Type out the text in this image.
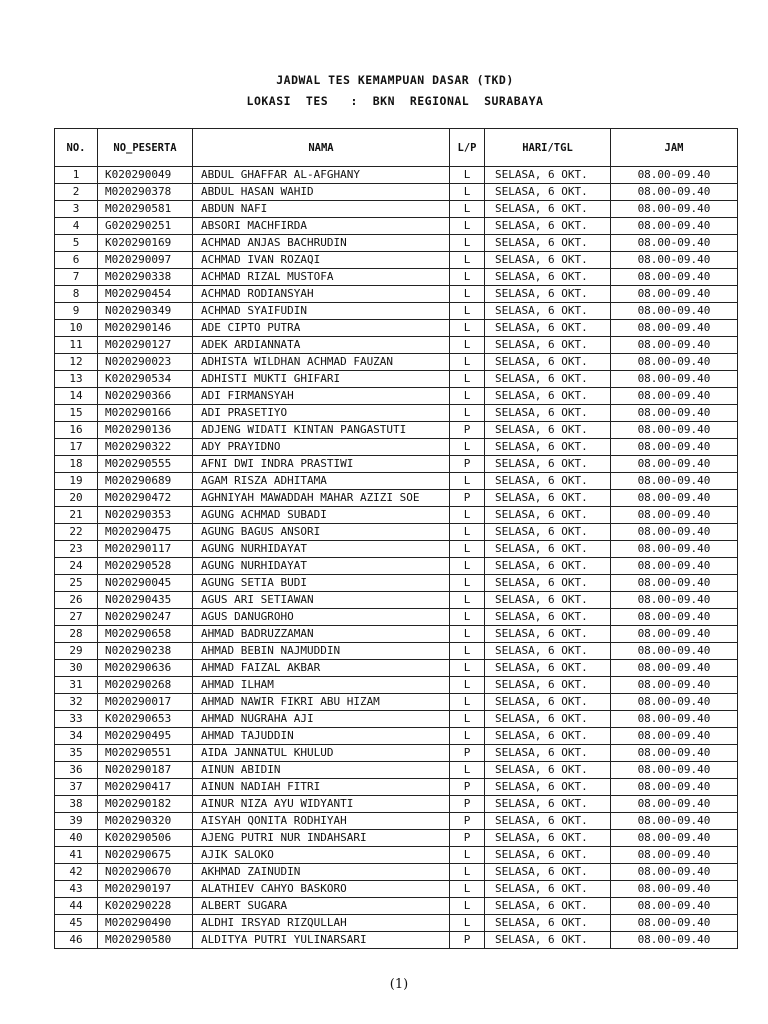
JADWAL TES KEMAMPUAN DASAR (TKD)
LOKASI  TES   :  BKN  REGIONAL  SURABAYA
NO.	NO_PESERTA	NAMA	L/P	HARI/TGL	JAM
1	K020290049	ABDUL GHAFFAR AL-AFGHANY	L	SELASA, 6 OKT.	08.00-09.40
2	M020290378	ABDUL HASAN WAHID	L	SELASA, 6 OKT.	08.00-09.40
3	M020290581	ABDUN NAFI	L	SELASA, 6 OKT.	08.00-09.40
4	G020290251	ABSORI MACHFIRDA	L	SELASA, 6 OKT.	08.00-09.40
5	K020290169	ACHMAD ANJAS BACHRUDIN	L	SELASA, 6 OKT.	08.00-09.40
6	M020290097	ACHMAD IVAN ROZAQI	L	SELASA, 6 OKT.	08.00-09.40
7	M020290338	ACHMAD RIZAL MUSTOFA	L	SELASA, 6 OKT.	08.00-09.40
8	M020290454	ACHMAD RODIANSYAH	L	SELASA, 6 OKT.	08.00-09.40
9	N020290349	ACHMAD SYAIFUDIN	L	SELASA, 6 OKT.	08.00-09.40
10	M020290146	ADE CIPTO PUTRA	L	SELASA, 6 OKT.	08.00-09.40
11	M020290127	ADEK ARDIANNATA	L	SELASA, 6 OKT.	08.00-09.40
12	N020290023	ADHISTA WILDHAN ACHMAD FAUZAN	L	SELASA, 6 OKT.	08.00-09.40
13	K020290534	ADHISTI MUKTI GHIFARI	L	SELASA, 6 OKT.	08.00-09.40
14	N020290366	ADI FIRMANSYAH	L	SELASA, 6 OKT.	08.00-09.40
15	M020290166	ADI PRASETIYO	L	SELASA, 6 OKT.	08.00-09.40
16	M020290136	ADJENG WIDATI KINTAN PANGASTUTI	P	SELASA, 6 OKT.	08.00-09.40
17	M020290322	ADY PRAYIDNO	L	SELASA, 6 OKT.	08.00-09.40
18	M020290555	AFNI DWI INDRA PRASTIWI	P	SELASA, 6 OKT.	08.00-09.40
19	M020290689	AGAM RISZA ADHITAMA	L	SELASA, 6 OKT.	08.00-09.40
20	M020290472	AGHNIYAH MAWADDAH MAHAR AZIZI SOE	P	SELASA, 6 OKT.	08.00-09.40
21	N020290353	AGUNG ACHMAD SUBADI	L	SELASA, 6 OKT.	08.00-09.40
22	M020290475	AGUNG BAGUS ANSORI	L	SELASA, 6 OKT.	08.00-09.40
23	M020290117	AGUNG NURHIDAYAT	L	SELASA, 6 OKT.	08.00-09.40
24	M020290528	AGUNG NURHIDAYAT	L	SELASA, 6 OKT.	08.00-09.40
25	N020290045	AGUNG SETIA BUDI	L	SELASA, 6 OKT.	08.00-09.40
26	N020290435	AGUS ARI SETIAWAN	L	SELASA, 6 OKT.	08.00-09.40
27	N020290247	AGUS DANUGROHO	L	SELASA, 6 OKT.	08.00-09.40
28	M020290658	AHMAD BADRUZZAMAN	L	SELASA, 6 OKT.	08.00-09.40
29	N020290238	AHMAD BEBIN NAJMUDDIN	L	SELASA, 6 OKT.	08.00-09.40
30	M020290636	AHMAD FAIZAL AKBAR	L	SELASA, 6 OKT.	08.00-09.40
31	M020290268	AHMAD ILHAM	L	SELASA, 6 OKT.	08.00-09.40
32	M020290017	AHMAD NAWIR FIKRI ABU HIZAM	L	SELASA, 6 OKT.	08.00-09.40
33	K020290653	AHMAD NUGRAHA AJI	L	SELASA, 6 OKT.	08.00-09.40
34	M020290495	AHMAD TAJUDDIN	L	SELASA, 6 OKT.	08.00-09.40
35	M020290551	AIDA JANNATUL KHULUD	P	SELASA, 6 OKT.	08.00-09.40
36	N020290187	AINUN ABIDIN	L	SELASA, 6 OKT.	08.00-09.40
37	M020290417	AINUN NADIAH FITRI	P	SELASA, 6 OKT.	08.00-09.40
38	M020290182	AINUR NIZA AYU WIDYANTI	P	SELASA, 6 OKT.	08.00-09.40
39	M020290320	AISYAH QONITA RODHIYAH	P	SELASA, 6 OKT.	08.00-09.40
40	K020290506	AJENG PUTRI NUR INDAHSARI	P	SELASA, 6 OKT.	08.00-09.40
41	N020290675	AJIK SALOKO	L	SELASA, 6 OKT.	08.00-09.40
42	N020290670	AKHMAD ZAINUDIN	L	SELASA, 6 OKT.	08.00-09.40
43	M020290197	ALATHIEV CAHYO BASKORO	L	SELASA, 6 OKT.	08.00-09.40
44	K020290228	ALBERT SUGARA	L	SELASA, 6 OKT.	08.00-09.40
45	M020290490	ALDHI IRSYAD RIZQULLAH	L	SELASA, 6 OKT.	08.00-09.40
46	M020290580	ALDITYA PUTRI YULINARSARI	P	SELASA, 6 OKT.	08.00-09.40
(1)
